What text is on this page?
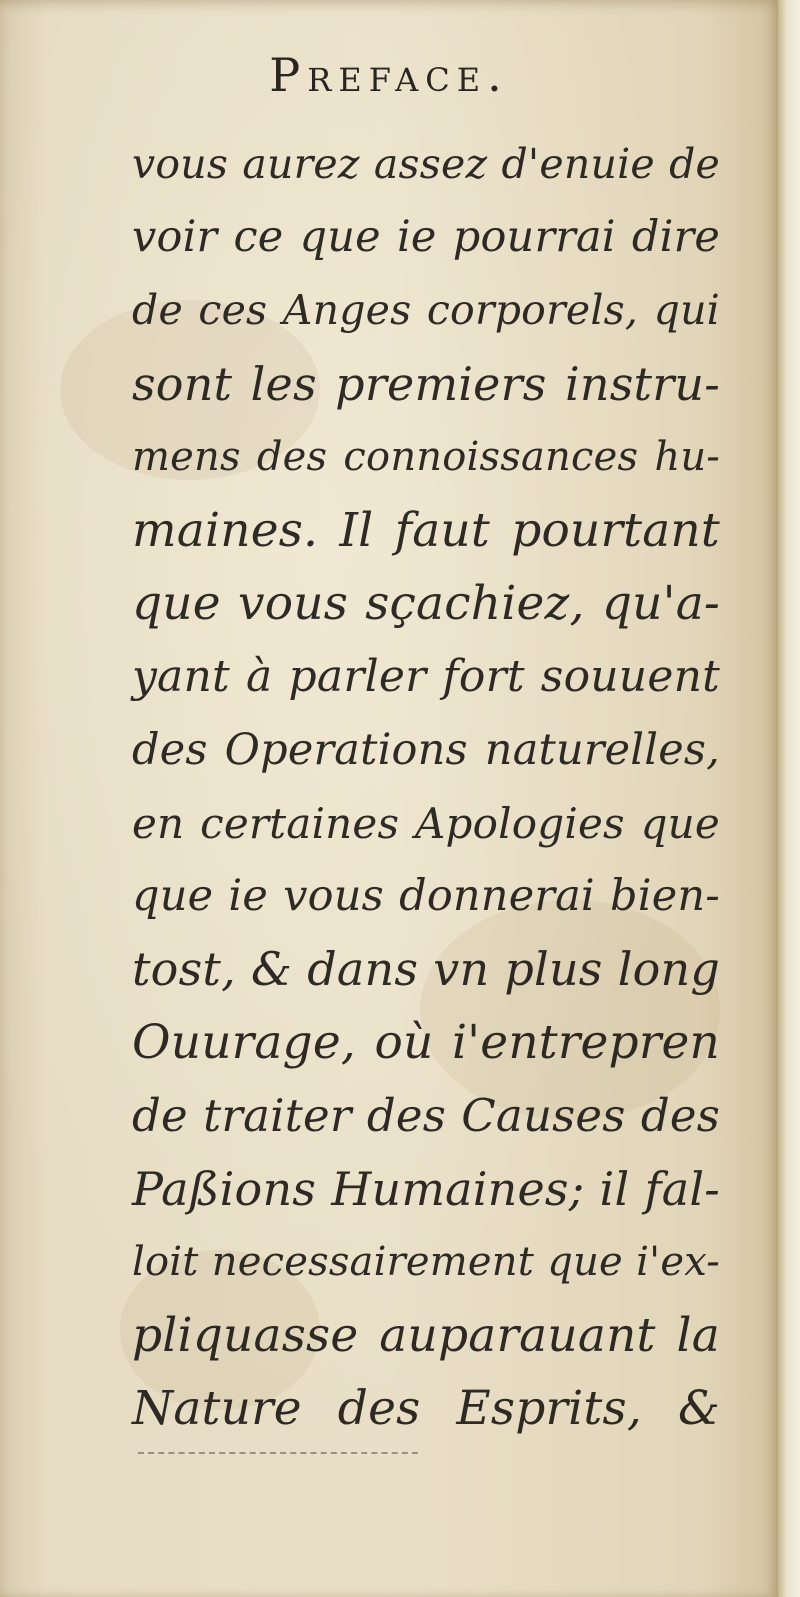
Preface.
vous aurez assez d'enuie de
voir ce que ie pourrai dire
de ces Anges corporels, qui
sont les premiers instru-
mens des connoissances hu-
maines. Il faut pourtant
que vous sçachiez, qu'a-
yant à parler fort souuent
des Operations naturelles,
en certaines Apologies que
que ie vous donnerai bien-
tost, & dans vn plus long
Ouurage, où i'entrepren
de traiter des Causes des
Paßions Humaines; il fal-
loit necessairement que i'ex-
pliquasse auparauant la
Nature des Esprits, &
